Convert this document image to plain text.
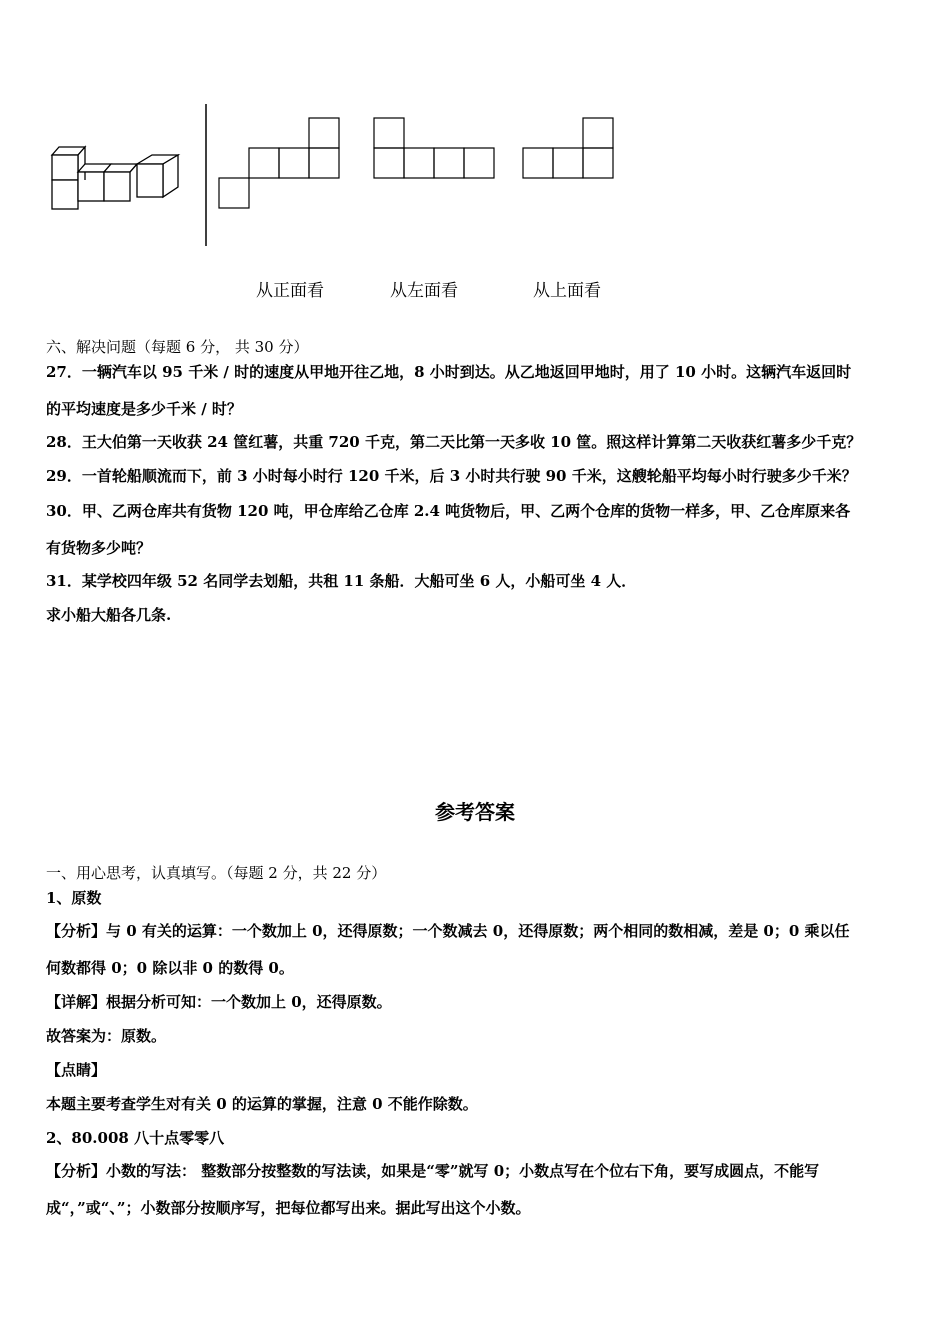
从正面看	从左面看	从上面看
六、解决问题（每题 6 分， 共 30 分）
27．一辆汽车以 95 千米 / 时的速度从甲地开往乙地，8 小时到达。从乙地返回甲地时，用了 10 小时。这辆汽车返回时
的平均速度是多少千米 / 时？
28．王大伯第一天收获 24 筐红薯，共重 720 千克，第二天比第一天多收 10 筐。照这样计算第二天收获红薯多少千克？
29．一首轮船顺流而下，前 3 小时每小时行 120 千米，后 3 小时共行驶 90 千米，这艘轮船平均每小时行驶多少千米？
30．甲、乙两仓库共有货物 120 吨，甲仓库给乙仓库 2.4 吨货物后，甲、乙两个仓库的货物一样多，甲、乙仓库原来各
有货物多少吨？
31．某学校四年级 52 名同学去划船，共租 11 条船．大船可坐 6 人，小船可坐 4 人．
求小船大船各几条.
参考答案
一、用心思考，认真填写。（每题 2 分，共 22 分）
1、原数
【分析】与 0 有关的运算：一个数加上 0，还得原数；一个数减去 0，还得原数；两个相同的数相减，差是 0；0 乘以任
何数都得 0；0 除以非 0 的数得 0。
【详解】根据分析可知：一个数加上 0，还得原数。
故答案为：原数。
【点睛】
本题主要考查学生对有关 0 的运算的掌握，注意 0 不能作除数。
2、80.008 八十点零零八
【分析】小数的写法： 整数部分按整数的写法读，如果是“零”就写 0；小数点写在个位右下角，要写成圆点，不能写
成“，”或“、”；小数部分按顺序写，把每位都写出来。据此写出这个小数。
